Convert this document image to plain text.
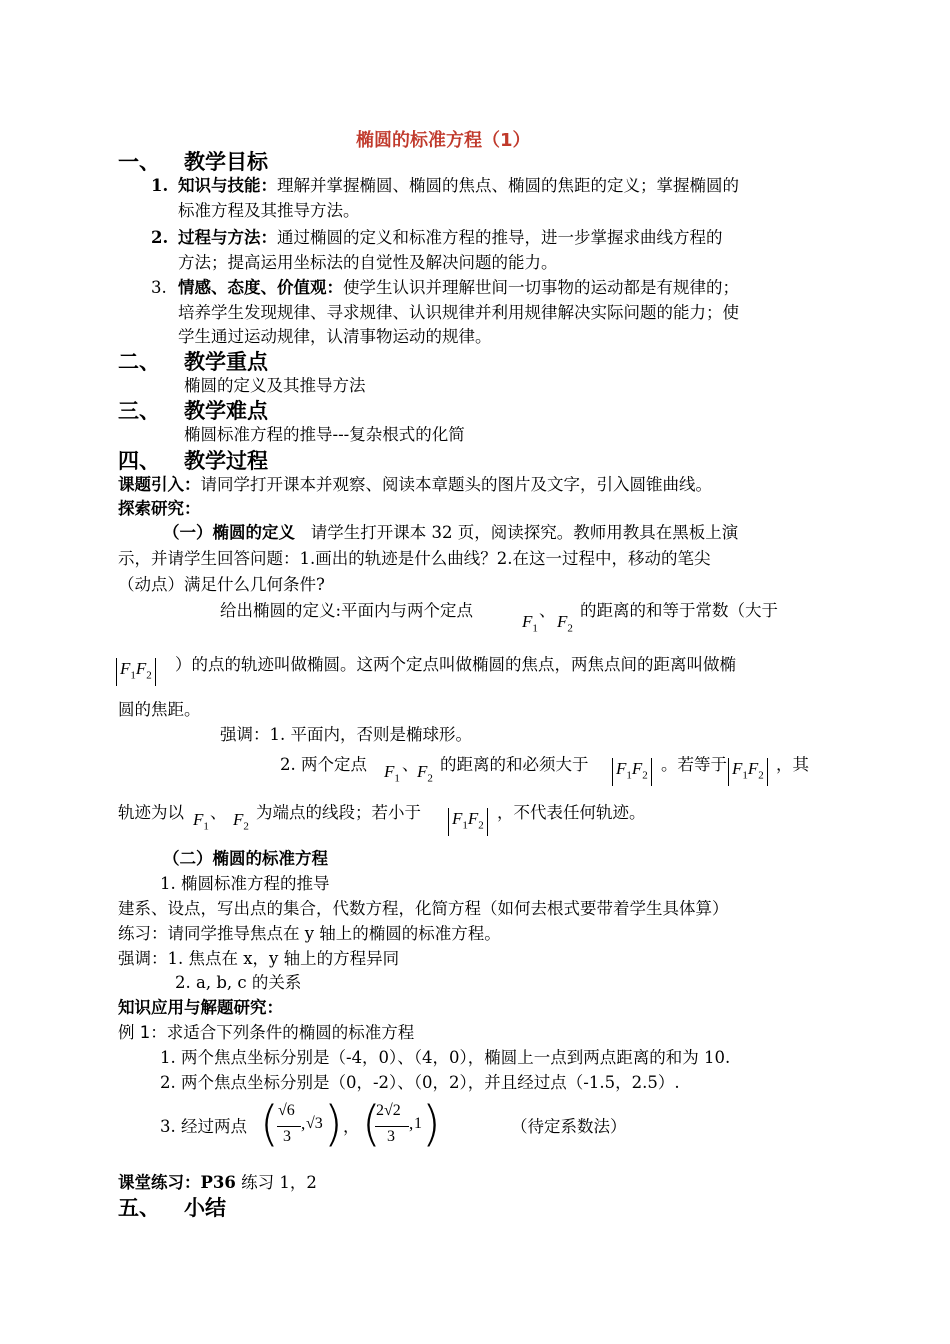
椭圆的标准方程（1）
一、 教学目标
1. 知识与技能：理解并掌握椭圆、椭圆的焦点、椭圆的焦距的定义；掌握椭圆的
标准方程及其推导方法。
2. 过程与方法：通过椭圆的定义和标准方程的推导，进一步掌握求曲线方程的
方法；提高运用坐标法的自觉性及解决问题的能力。
3. 情感、态度、价值观：使学生认识并理解世间一切事物的运动都是有规律的；
培养学生发现规律、寻求规律、认识规律并利用规律解决实际问题的能力；使
学生通过运动规律，认清事物运动的规律。
二、 教学重点
椭圆的定义及其推导方法
三、 教学难点
椭圆标准方程的推导---复杂根式的化简
四、 教学过程
课题引入：请同学打开课本并观察、阅读本章题头的图片及文字，引入圆锥曲线。
探索研究：
（一）椭圆的定义 请学生打开课本 32 页，阅读探究。教师用教具在黑板上演
示，并请学生回答问题：1.画出的轨迹是什么曲线？2.在这一过程中，移动的笔尖
（动点）满足什么几何条件?
给出椭圆的定义:平面内与两个定点
$F_1$
、
$F_2$
的距离的和等于常数（大于
$F_1F_2$
）的点的轨迹叫做椭圆。这两个定点叫做椭圆的焦点，两焦点间的距离叫做椭
圆的焦距。
强调：1. 平面内，否则是椭球形。
2. 两个定点 $F_1$
、
$F_2$
的距离的和必须大于 $F_1F_2$
。若等于 $F_1F_2$
，其
轨迹为以 $F_1$
、 $F_2$
为端点的线段；若小于 $F_1F_2$
，不代表任何轨迹。
（二）椭圆的标准方程
1. 椭圆标准方程的推导
建系、设点，写出点的集合，代数方程，化简方程（如何去根式要带着学生具体算）
练习：请同学推导焦点在 y 轴上的椭圆的标准方程。
强调：1. 焦点在 x，y 轴上的方程异同
2. a, b, c 的关系
知识应用与解题研究：
例 1：求适合下列条件的椭圆的标准方程
1. 两个焦点坐标分别是（-4，0）、（4，0），椭圆上一点到两点距离的和为 10.
2. 两个焦点坐标分别是（0，-2）、（0，2），并且经过点（-1.5，2.5）.
3. 经过两点 ( √6
3
, √3 ) ， (
2√2
3
, 1 )	（待定系数法）
课堂练习：P36 练习 1，2
五、 小结
